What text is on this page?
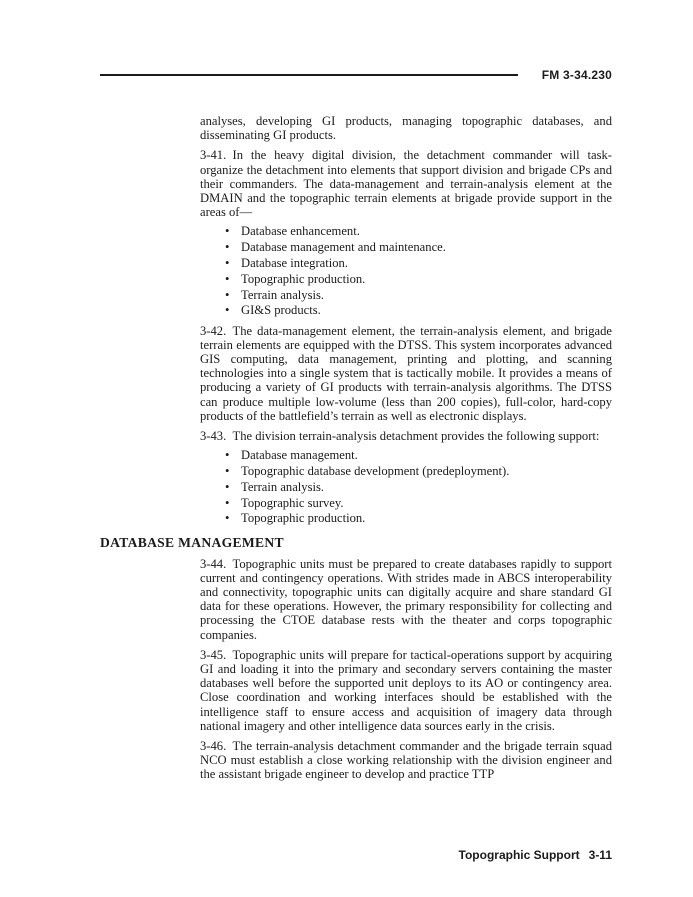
FM 3-34.230

analyses, developing GI products, managing topographic databases, and disseminating GI products.

3-41. In the heavy digital division, the detachment commander will task-organize the detachment into elements that support division and brigade CPs and their commanders. The data-management and terrain-analysis element at the DMAIN and the topographic terrain elements at brigade provide support in the areas of—

•
Database enhancement.
•
Database management and maintenance.
•
Database integration.
•
Topographic production.
•
Terrain analysis.
•
GI&S products.

3-42. The data-management element, the terrain-analysis element, and brigade terrain elements are equipped with the DTSS. This system incorporates advanced GIS computing, data management, printing and plotting, and scanning technologies into a single system that is tactically mobile. It provides a means of producing a variety of GI products with terrain-analysis algorithms. The DTSS can produce multiple low-volume (less than 200 copies), full-color, hard-copy products of the battlefield’s terrain as well as electronic displays.

3-43. The division terrain-analysis detachment provides the following support:

•
Database management.
•
Topographic database development (predeployment).
•
Terrain analysis.
•
Topographic survey.
•
Topographic production.
DATABASE MANAGEMENT

3-44. Topographic units must be prepared to create databases rapidly to support current and contingency operations. With strides made in ABCS interoperability and connectivity, topographic units can digitally acquire and share standard GI data for these operations. However, the primary responsibility for collecting and processing the CTOE database rests with the theater and corps topographic companies.

3-45. Topographic units will prepare for tactical-operations support by acquiring GI and loading it into the primary and secondary servers containing the master databases well before the supported unit deploys to its AO or contingency area. Close coordination and working interfaces should be established with the intelligence staff to ensure access and acquisition of imagery data through national imagery and other intelligence data sources early in the crisis.

3-46. The terrain-analysis detachment commander and the brigade terrain squad NCO must establish a close working relationship with the division engineer and the assistant brigade engineer to develop and practice TTP

Topographic Support 3-11
